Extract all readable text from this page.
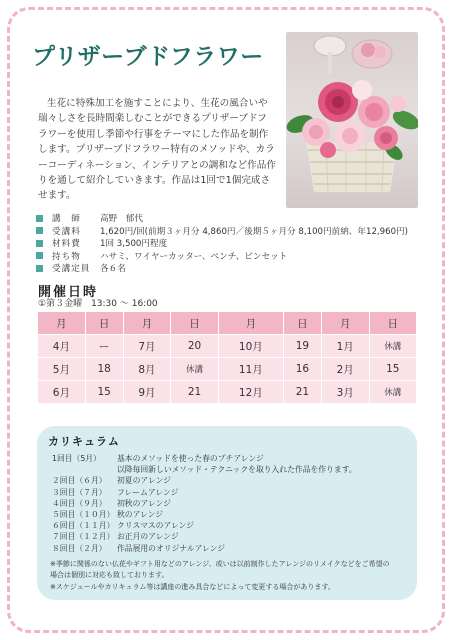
プリザーブドフラワー

生花に特殊加工を施すことにより、生花の風合いや瑞々しさを長時間楽しむことができるプリザーブドフラワーを使用し季節や行事をテーマにした作品を制作します。プリザーブドフラワー特有のメソッドや、カラーコーディネーション、インテリアとの調和など作品作りを通して紹介していきます。作品は1回で1個完成させます。

講　師	高野　郁代
受講料	1,620円/回(前期３ヶ月分 4,860円／後期５ヶ月分 8,100円前納、年12,960円)
材料費	1回 3,500円程度
持ち物	ハサミ、ワイヤーカッター、ペンチ、ピンセット
受講定員	各６名
開催日時
①第３金曜　13:30 ～ 16:00
月	日	月	日	月	日	月	日
4月	ー	7月	20	10月	19	1月	休講
5月	18	8月	休講	11月	16	2月	15
6月	15	9月	21	12月	21	3月	休講
カリキュラム
1回目（5月）	基本のメソッドを使った春のプチアレンジ
以降毎回新しいメソッド・テクニックを取り入れた作品を作ります。
２回目（６月）	初夏のアレンジ
３回目（７月）	フレームアレンジ
４回目（９月）	初秋のアレンジ
５回目（１０月） 秋のアレンジ
６回目（１１月） クリスマスのアレンジ
７回目（１２月） お正月のアレンジ
８回目（２月）	作品展用のオリジナルアレンジ

※季節に関係のない仏花やギフト用などのアレンジ、或いは以前制作したアレンジのリメイクなどをご希望の場合は個別に対応も致しております。

※スケジュールやカリキュラム等は講座の進み具合などによって変更する場合があります。
